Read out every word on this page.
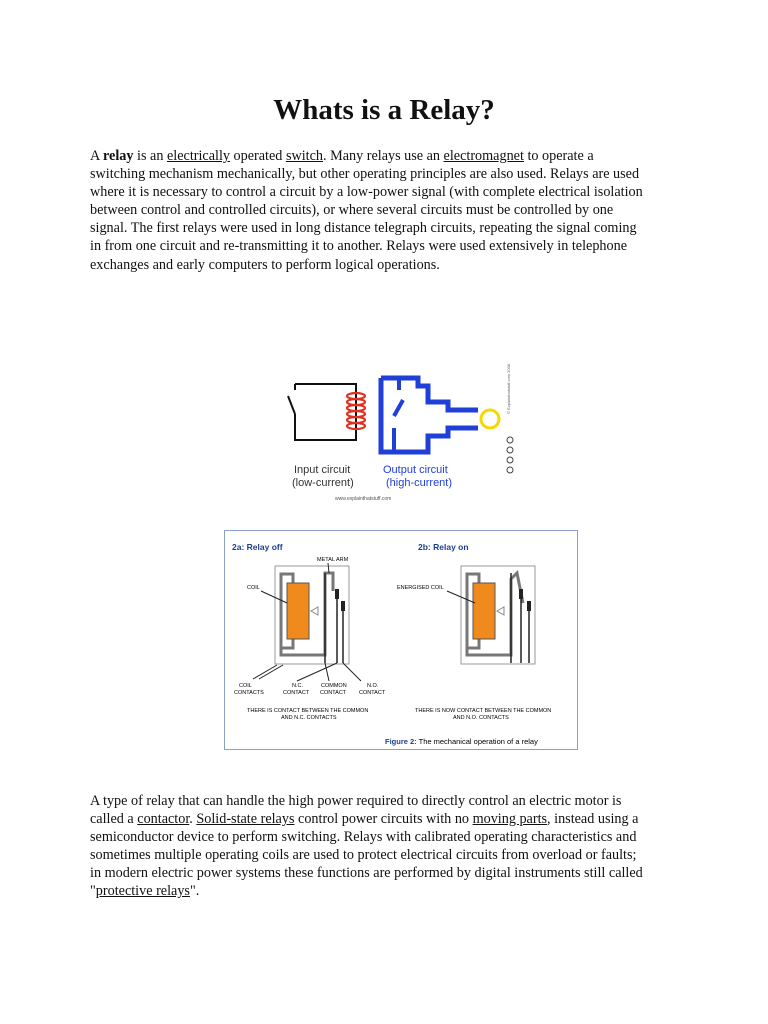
Whats is a Relay?
A relay is an electrically operated switch. Many relays use an electromagnet to operate a
switching mechanism mechanically, but other operating principles are also used. Relays are used
where it is necessary to control a circuit by a low-power signal (with complete electrical isolation
between control and controlled circuits), or where several circuits must be controlled by one
signal. The first relays were used in long distance telegraph circuits, repeating the signal coming
in from one circuit and re-transmitting it to another. Relays were used extensively in telephone
exchanges and early computers to perform logical operations.
Input circuit
(low-current)
Output circuit
(high-current)
www.explainthatstuff.com
© Explainthatstuff.com 2008
2a: Relay off	2b: Relay on
METAL ARM
COIL
COIL
CONTACTS
N.C.
CONTACT
COMMON
CONTACT
N.O.
CONTACT
THERE IS CONTACT BETWEEN THE COMMON
AND N.C. CONTACTS
ENERGISED COIL
THERE IS NOW CONTACT BETWEEN THE COMMON
AND N.O. CONTACTS
Figure 2: The mechanical operation of a relay
A type of relay that can handle the high power required to directly control an electric motor is
called a contactor. Solid-state relays control power circuits with no moving parts, instead using a
semiconductor device to perform switching. Relays with calibrated operating characteristics and
sometimes multiple operating coils are used to protect electrical circuits from overload or faults;
in modern electric power systems these functions are performed by digital instruments still called
"protective relays".
